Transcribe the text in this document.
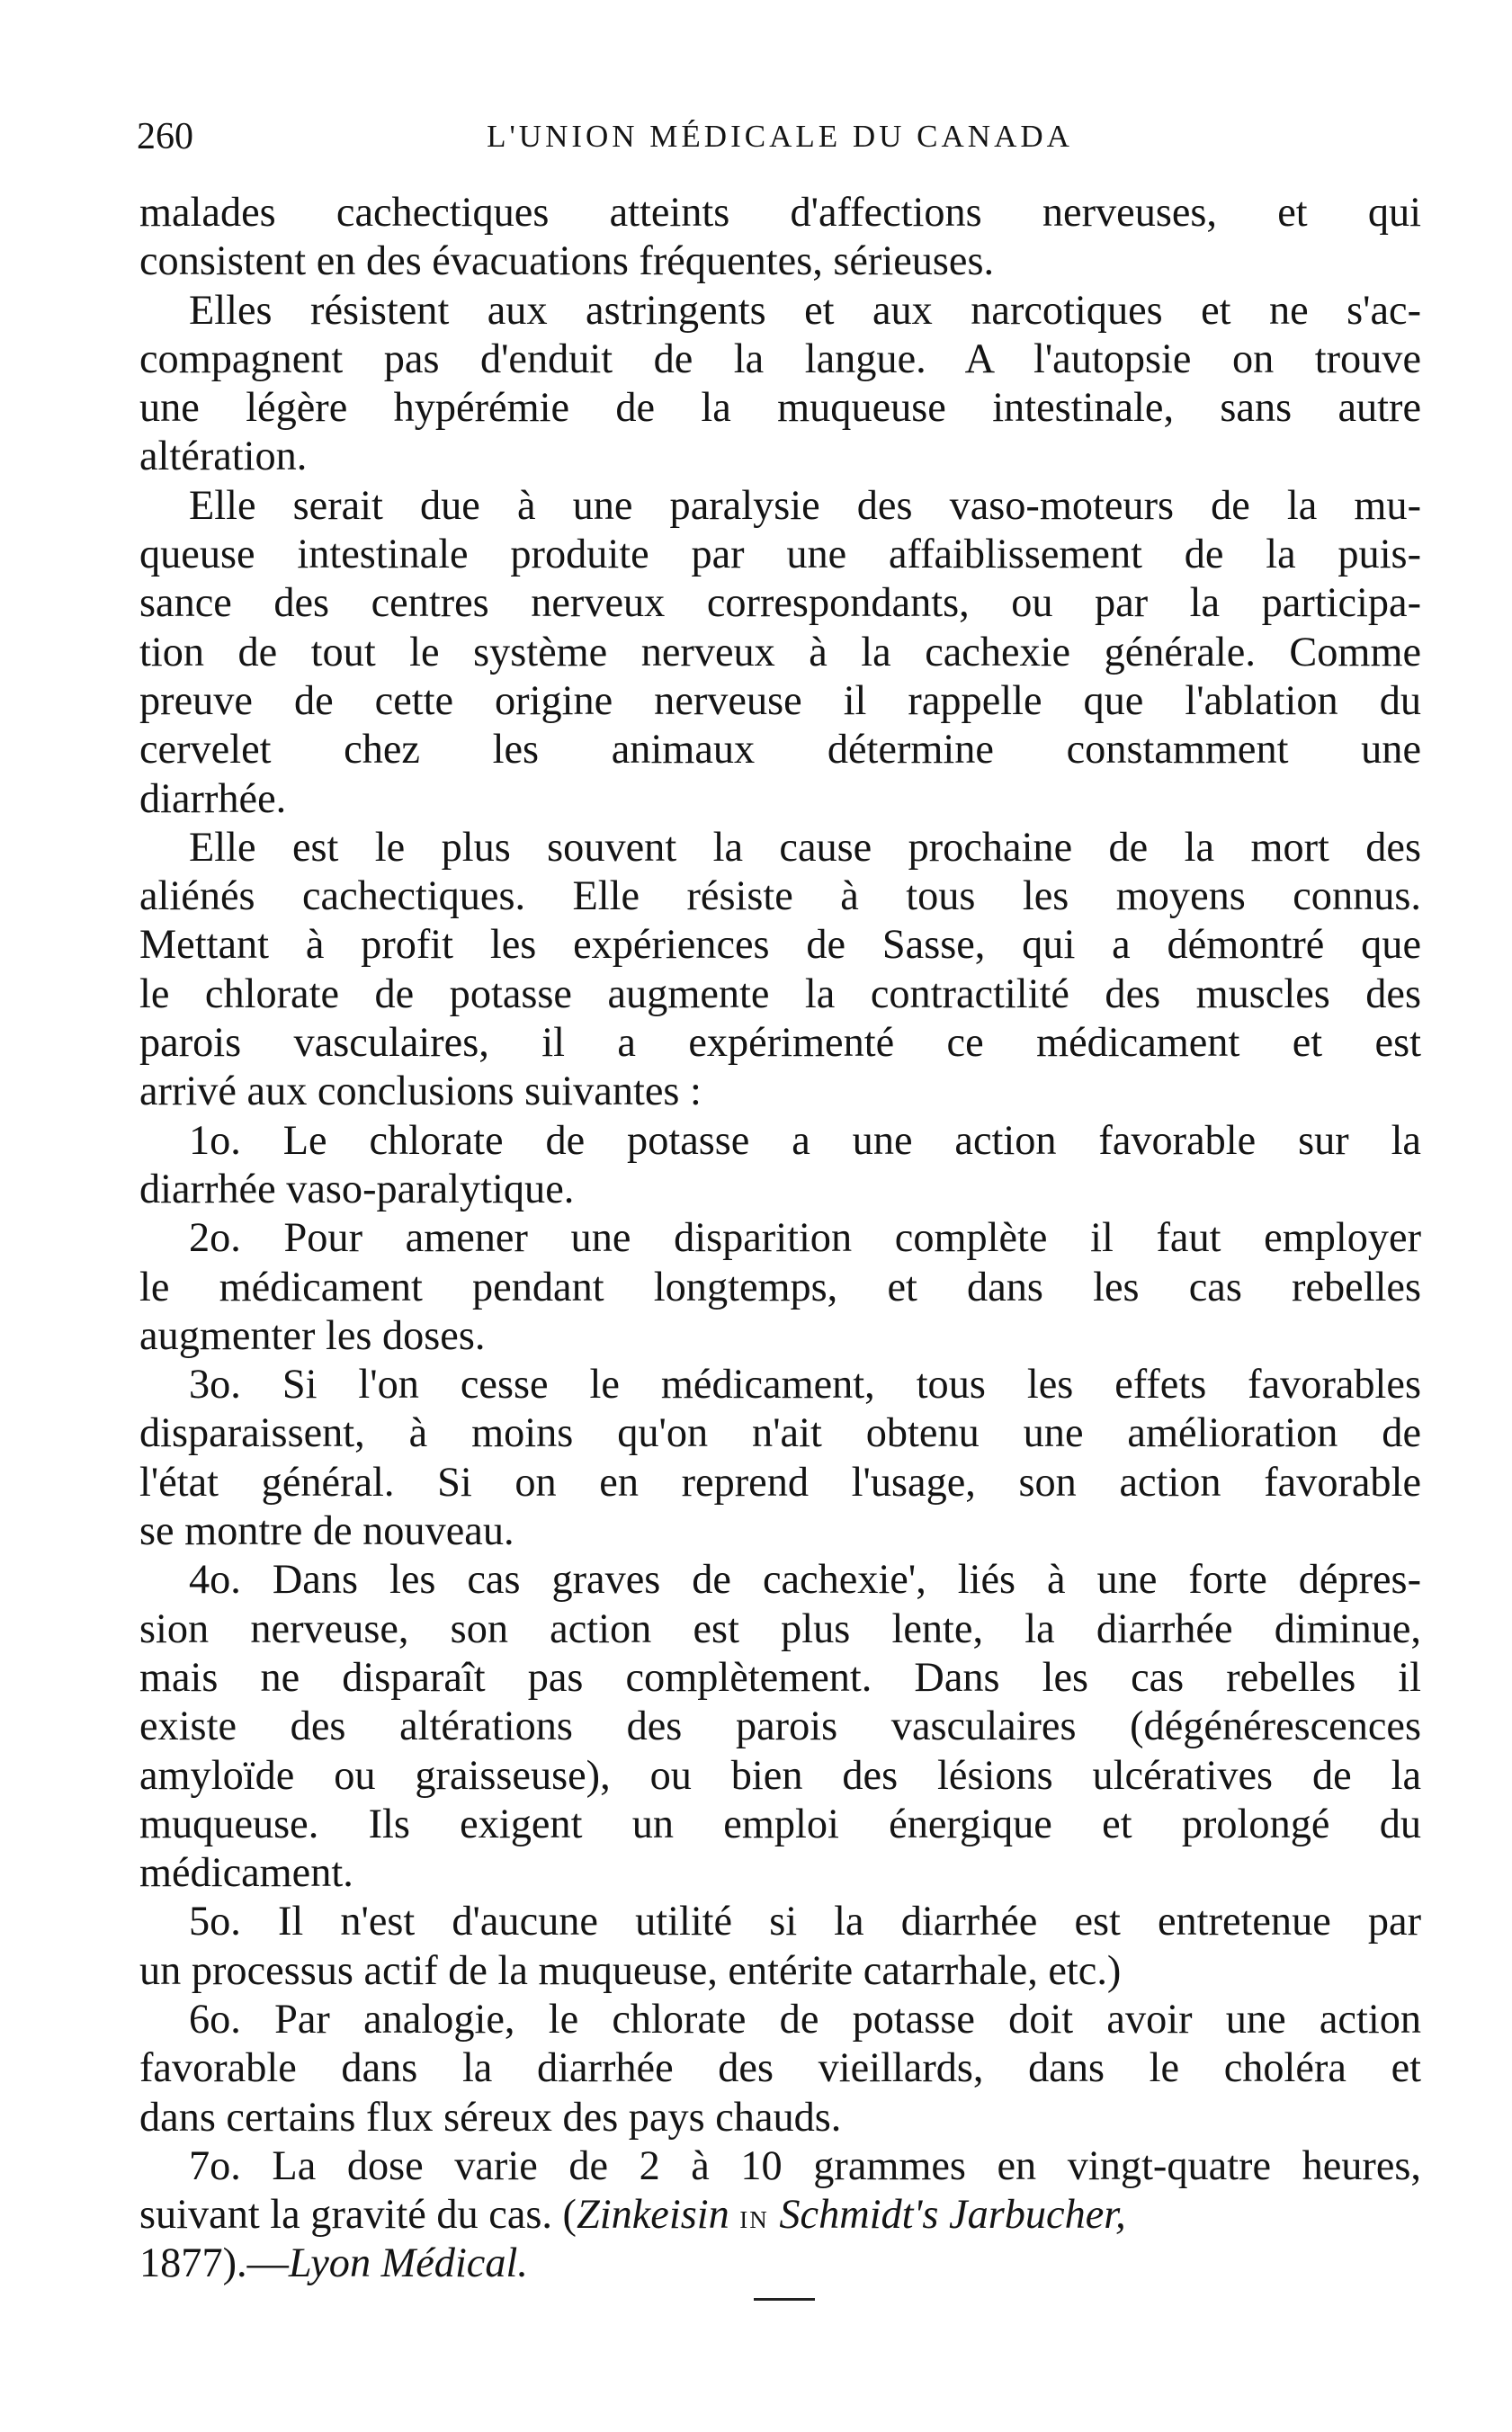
260	L'UNION MÉDICALE DU CANADA
malades cachectiques atteints d'affections nerveuses, et qui
consistent en des évacuations fréquentes, sérieuses.
Elles résistent aux astringents et aux narcotiques et ne s'ac-
compagnent pas d'enduit de la langue. A l'autopsie on trouve
une légère hypérémie de la muqueuse intestinale, sans autre
altération.
Elle serait due à une paralysie des vaso-moteurs de la mu-
queuse intestinale produite par une affaiblissement de la puis-
sance des centres nerveux correspondants, ou par la participa-
tion de tout le système nerveux à la cachexie générale. Comme
preuve de cette origine nerveuse il rappelle que l'ablation du
cervelet chez les animaux détermine constamment une
diarrhée.
Elle est le plus souvent la cause prochaine de la mort des
aliénés cachectiques. Elle résiste à tous les moyens connus.
Mettant à profit les expériences de Sasse, qui a démontré que
le chlorate de potasse augmente la contractilité des muscles des
parois vasculaires, il a expérimenté ce médicament et est
arrivé aux conclusions suivantes :
1o. Le chlorate de potasse a une action favorable sur la
diarrhée vaso-paralytique.
2o. Pour amener une disparition complète il faut employer
le médicament pendant longtemps, et dans les cas rebelles
augmenter les doses.
3o. Si l'on cesse le médicament, tous les effets favorables
disparaissent, à moins qu'on n'ait obtenu une amélioration de
l'état général. Si on en reprend l'usage, son action favorable
se montre de nouveau.
4o. Dans les cas graves de cachexie', liés à une forte dépres-
sion nerveuse, son action est plus lente, la diarrhée diminue,
mais ne disparaît pas complètement. Dans les cas rebelles il
existe des altérations des parois vasculaires (dégénérescences
amyloïde ou graisseuse), ou bien des lésions ulcératives de la
muqueuse. Ils exigent un emploi énergique et prolongé du
médicament.
5o. Il n'est d'aucune utilité si la diarrhée est entretenue par
un processus actif de la muqueuse, entérite catarrhale, etc.)
6o. Par analogie, le chlorate de potasse doit avoir une action
favorable dans la diarrhée des vieillards, dans le choléra et
dans certains flux séreux des pays chauds.
7o. La dose varie de 2 à 10 grammes en vingt-quatre heures,
suivant la gravité du cas. (Zinkeisin in Schmidt's Jarbucher,
1877).—Lyon Médical.
